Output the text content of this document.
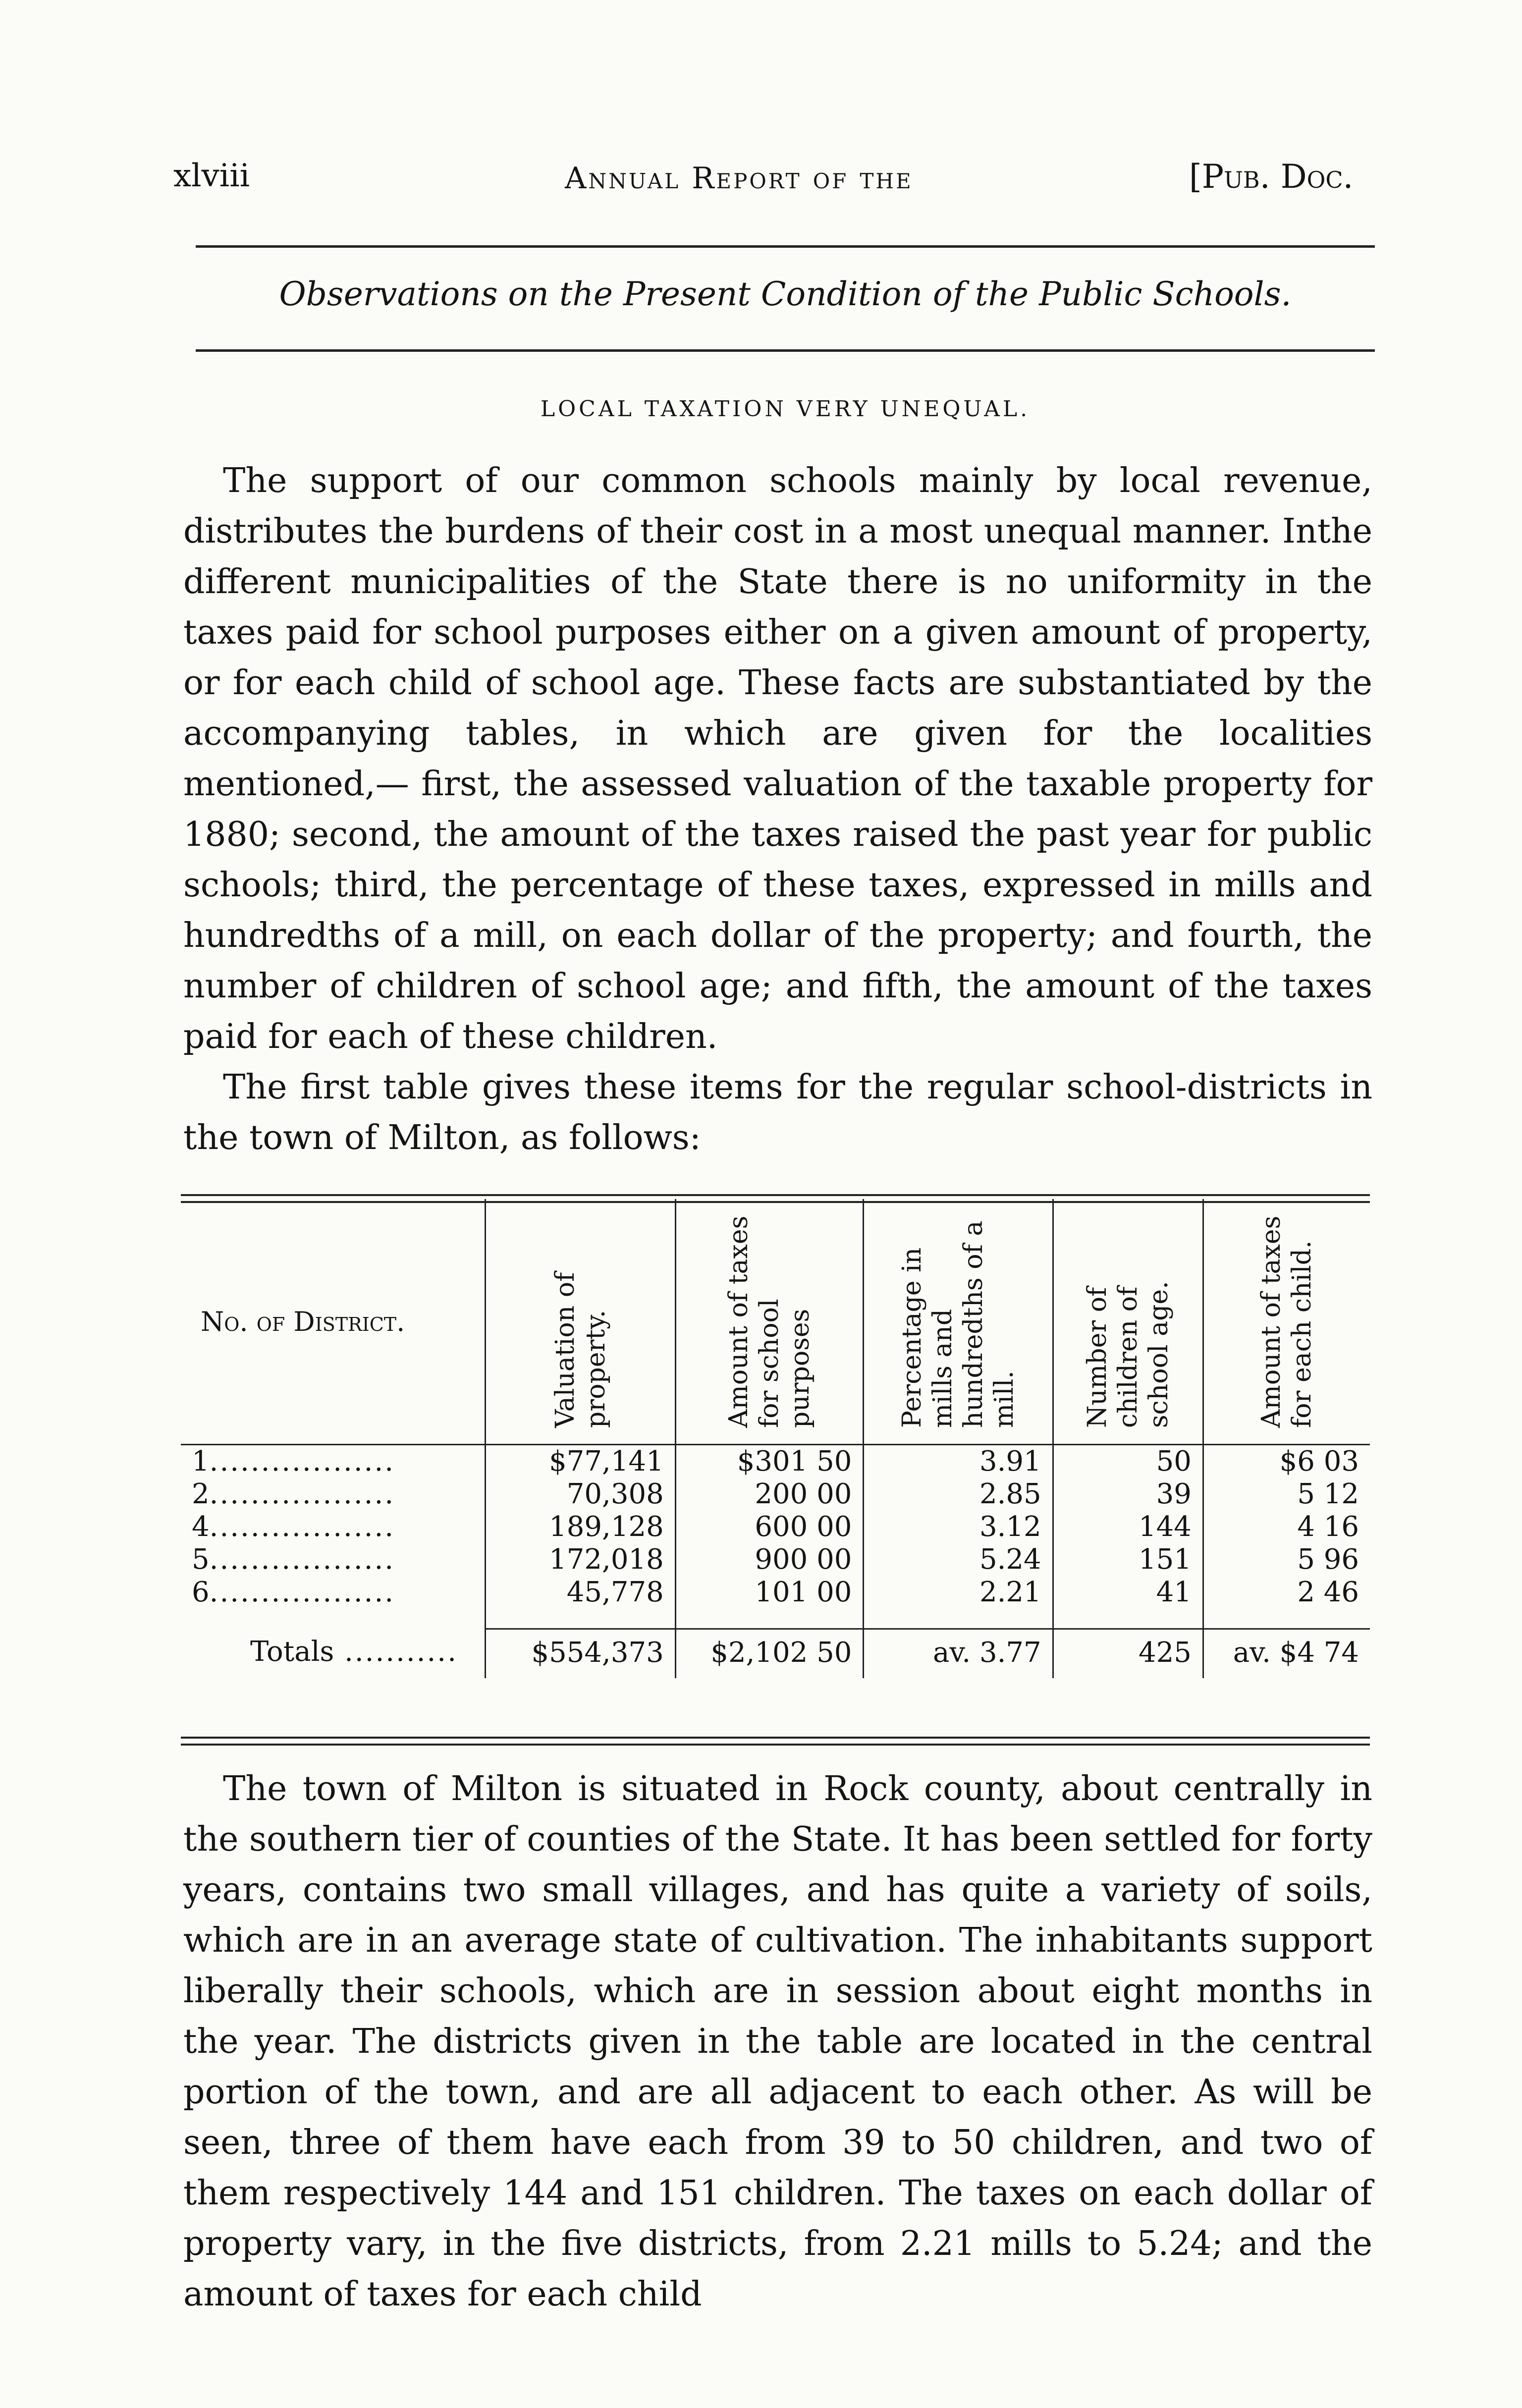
xlviii	Annual Report of the	[Pub. Doc.
Observations on the Present Condition of the Public Schools.
LOCAL TAXATION VERY UNEQUAL.

The support of our common schools mainly by local revenue, distributes the burdens of their cost in a most unequal manner. Inthe different municipalities of the State there is no uniformity in the taxes paid for school purposes either on a given amount of property, or for each child of school age. These facts are substantiated by the accompanying tables, in which are given for the localities mentioned,— first, the assessed valuation of the taxable property for 1880; second, the amount of the taxes raised the past year for public schools; third, the percentage of these taxes, expressed in mills and hundredths of a mill, on each dollar of the property; and fourth, the number of children of school age; and fifth, the amount of the taxes paid for each of these children.

The first table gives these items for the regular school-districts in the town of Milton, as follows:

No. of District.	Valuation of property.	Amount of taxes for school purposes	Percentage in mills and hundredths of a mill.	Number of children of school age.	Amount of taxes for each child.
1..................	$77,141	$301 50	3.91	50	$6 03
2..................	70,308	200 00	2.85	39	5 12
4..................	189,128	600 00	3.12	144	4 16
5..................	172,018	900 00	5.24	151	5 96
6..................	45,778	101 00	2.21	41	2 46
Totals ...........	$554,373	$2,102 50	av. 3.77	425	av. $4 74

The town of Milton is situated in Rock county, about centrally in the southern tier of counties of the State. It has been settled for forty years, contains two small villages, and has quite a variety of soils, which are in an average state of cultivation. The inhabitants support liberally their schools, which are in session about eight months in the year. The districts given in the table are located in the central portion of the town, and are all adjacent to each other. As will be seen, three of them have each from 39 to 50 children, and two of them respectively 144 and 151 children. The taxes on each dollar of property vary, in the five districts, from 2.21 mills to 5.24; and the amount of taxes for each child
